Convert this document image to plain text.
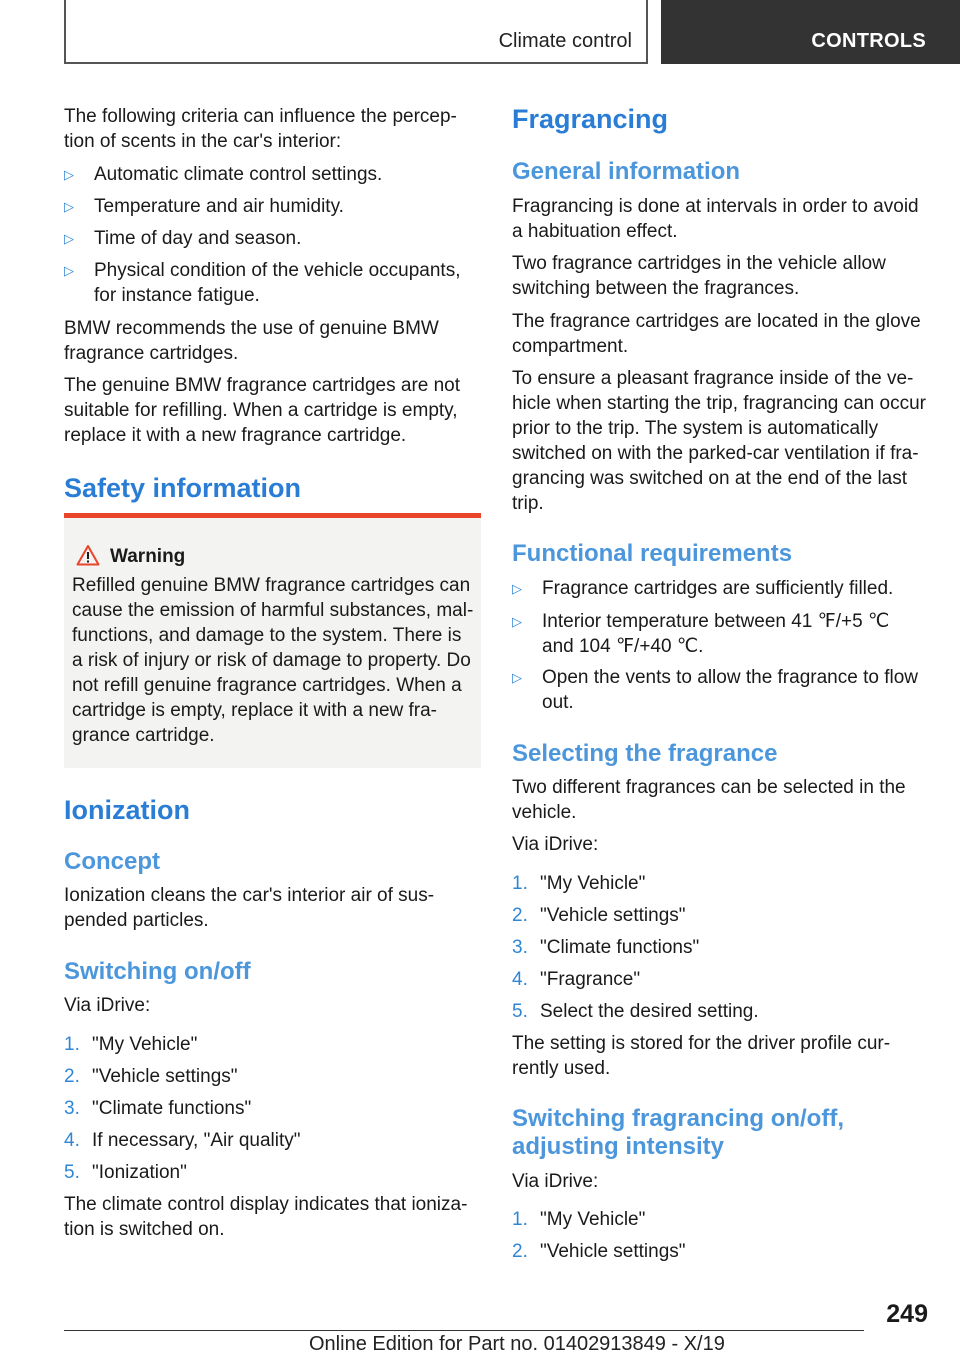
Climate control	CONTROLS

The following criteria can influence the percep-
tion of scents in the car's interior:

▷	Automatic climate control settings.
▷	Temperature and air humidity.
▷	Time of day and season.
▷	Physical condition of the vehicle occupants,
for instance fatigue.

BMW recommends the use of genuine BMW
fragrance cartridges.

The genuine BMW fragrance cartridges are not
suitable for refilling. When a cartridge is empty,
replace it with a new fragrance cartridge.

Safety information
Warning

Refilled genuine BMW fragrance cartridges can
cause the emission of harmful substances, mal-
functions, and damage to the system. There is
a risk of injury or risk of damage to property. Do
not refill genuine fragrance cartridges. When a
cartridge is empty, replace it with a new fra-
grance cartridge.

Ionization
Concept

Ionization cleans the car's interior air of sus-
pended particles.

Switching on/off

Via iDrive:

1. "My Vehicle"
2. "Vehicle settings"
3. "Climate functions"
4. If necessary, "Air quality"
5. "Ionization"

The climate control display indicates that ioniza-
tion is switched on.

Fragrancing
General information

Fragrancing is done at intervals in order to avoid
a habituation effect.

Two fragrance cartridges in the vehicle allow
switching between the fragrances.

The fragrance cartridges are located in the glove
compartment.

To ensure a pleasant fragrance inside of the ve-
hicle when starting the trip, fragrancing can occur
prior to the trip. The system is automatically
switched on with the parked-car ventilation if fra-
grancing was switched on at the end of the last
trip.

Functional requirements
▷	Fragrance cartridges are sufficiently filled.
▷	Interior temperature between 41 ℉/+5 ℃
and 104 ℉/+40 ℃.
▷	Open the vents to allow the fragrance to flow
out.
Selecting the fragrance

Two different fragrances can be selected in the
vehicle.

Via iDrive:

1. "My Vehicle"
2. "Vehicle settings"
3. "Climate functions"
4. "Fragrance"
5. Select the desired setting.

The setting is stored for the driver profile cur-
rently used.

Switching fragrancing on/off,
adjusting intensity

Via iDrive:

1. "My Vehicle"
2. "Vehicle settings"
249
Online Edition for Part no. 01402913849 - X/19
